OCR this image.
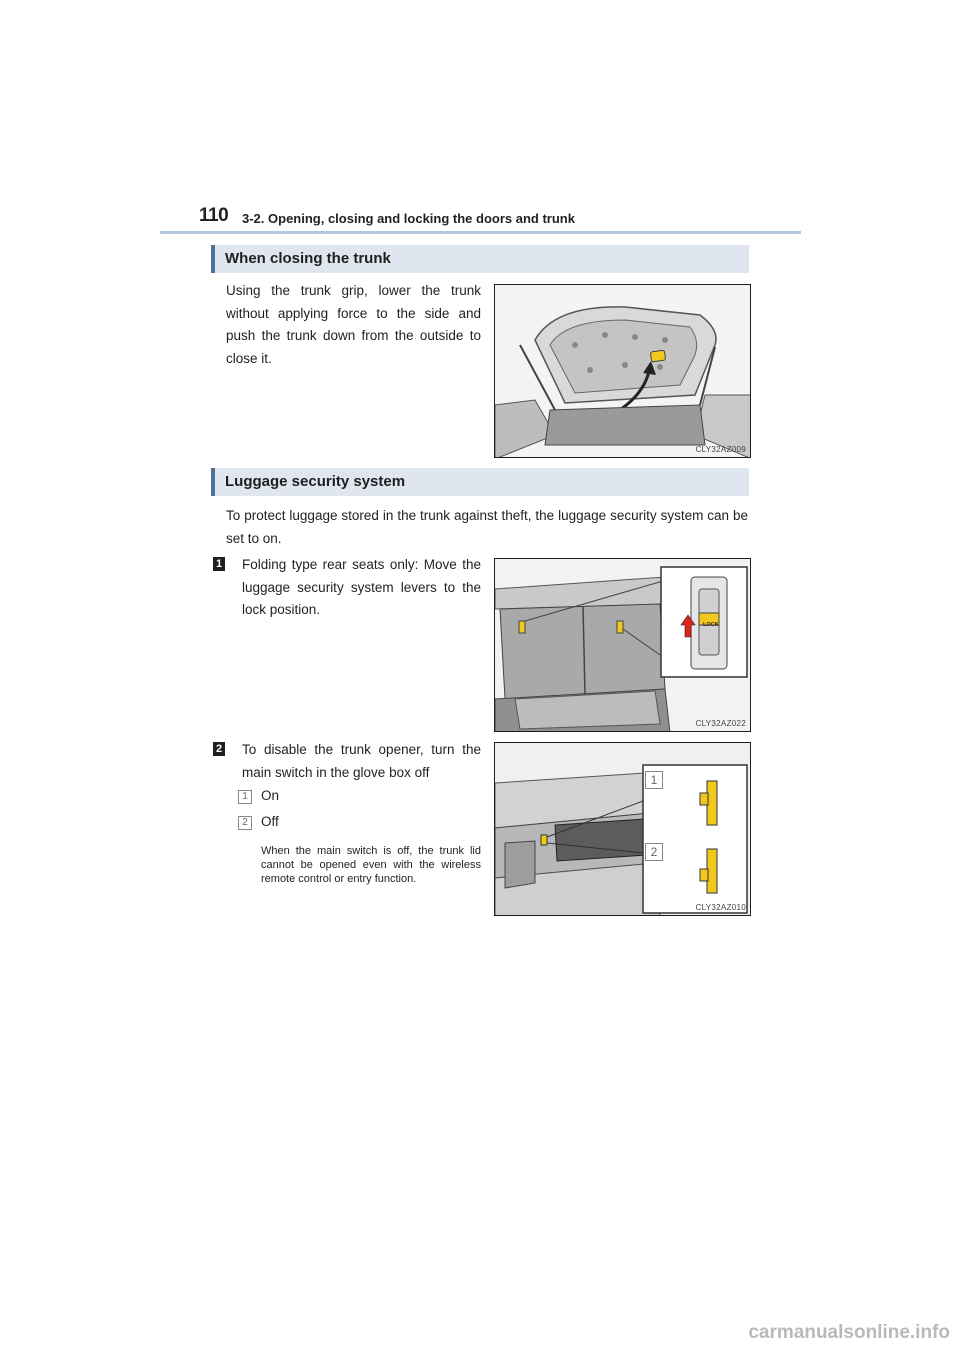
110 3-2. Opening, closing and locking the doors and trunk
When closing the trunk
Using the trunk grip, lower the trunk without applying force to the side and push the trunk down from the outside to close it.
CLY32AZ009
Luggage security system
To protect luggage stored in the trunk against theft, the luggage security system can be set to on.
1 Folding type rear seats only: Move the luggage security system levers to the lock position.
LOCK
CLY32AZ022
2 To disable the trunk opener, turn the main switch in the glove box off
1 On
2 Off
When the main switch is off, the trunk lid cannot be opened even with the wireless remote control or entry function.
1
2
CLY32AZ010
carmanualsonline.info
